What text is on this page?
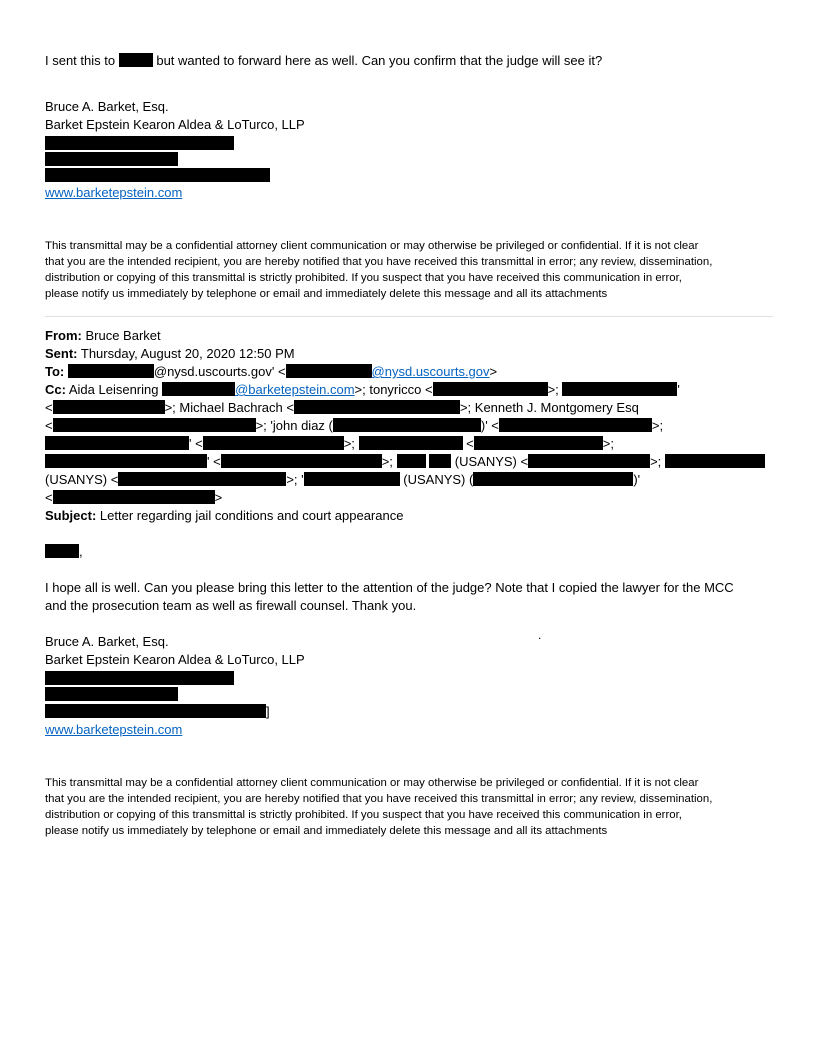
I sent this to	but wanted to forward here as well. Can you confirm that the judge will see it?
Bruce A. Barket, Esq.
Barket Epstein Kearon Aldea & LoTurco, LLP
www.barketepstein.com

This transmittal may be a confidential attorney client communication or may otherwise be privileged or confidential. If it is not clear

that you are the intended recipient, you are hereby notified that you have received this transmittal in error; any review, dissemination,

distribution or copying of this transmittal is strictly prohibited. If you suspect that you have received this communication in error,

please notify us immediately by telephone or email and immediately delete this message and all its attachments

From: Bruce Barket
Sent: Thursday, August 20, 2020 12:50 PM
To:	@nysd.uscourts.gov' <	@nysd.uscourts.gov>
Cc: Aida Leisenring	@barketepstein.com>; tonyricco <	>;	'
<	>; Michael Bachrach <	>; Kenneth J. Montgomery Esq
<	>; 'john diaz (	)' <	>;
' <	>;	<	>;
' <	>;	(USANYS) <	>;
(USANYS) <	>; '	(USANYS) (	)'
<	>
Subject: Letter regarding jail conditions and court appearance
,
I hope all is well. Can you please bring this letter to the attention of the judge? Note that I copied the lawyer for the MCC
and the prosecution team as well as firewall counsel. Thank you.
Bruce A. Barket, Esq.
Barket Epstein Kearon Aldea & LoTurco, LLP
]
www.barketepstein.com

This transmittal may be a confidential attorney client communication or may otherwise be privileged or confidential. If it is not clear

that you are the intended recipient, you are hereby notified that you have received this transmittal in error; any review, dissemination,

distribution or copying of this transmittal is strictly prohibited. If you suspect that you have received this communication in error,

please notify us immediately by telephone or email and immediately delete this message and all its attachments

.
